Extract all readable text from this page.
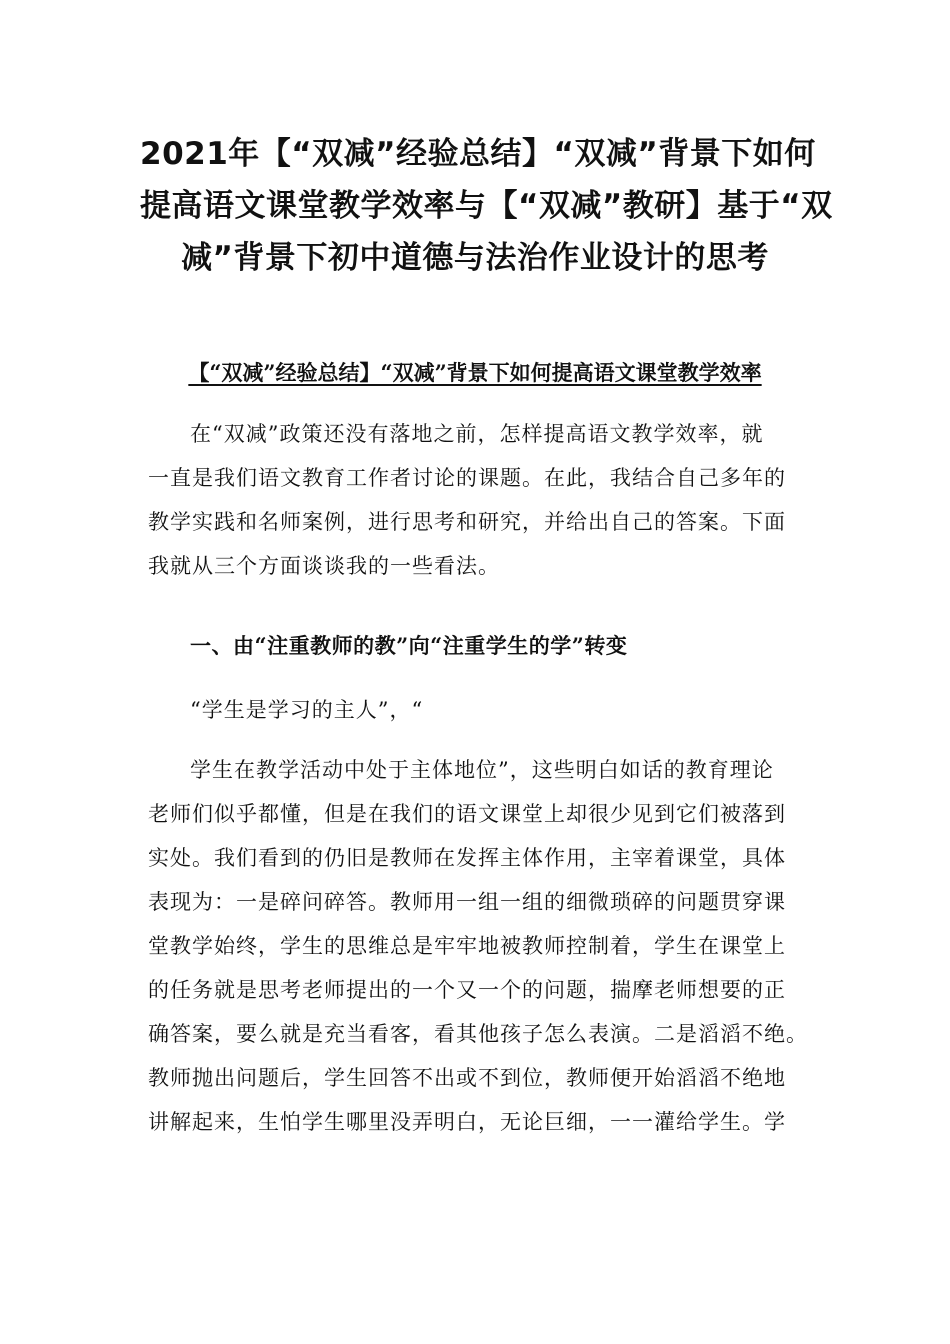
2021年【“双减”经验总结】“双减”背景下如何
提高语文课堂教学效率与【“双减”教研】基于“双
减”背景下初中道德与法治作业设计的思考
【“双减”经验总结】“双减”背景下如何提高语文课堂教学效率

在“双减”政策还没有落地之前，怎样提高语文教学效率，就
一直是我们语文教育工作者讨论的课题。在此，我结合自己多年的
教学实践和名师案例，进行思考和研究，并给出自己的答案。下面
我就从三个方面谈谈我的一些看法。

一、由“注重教师的教”向“注重学生的学”转变
“学生是学习的主人”，“

学生在教学活动中处于主体地位”，这些明白如话的教育理论
老师们似乎都懂，但是在我们的语文课堂上却很少见到它们被落到
实处。我们看到的仍旧是教师在发挥主体作用，主宰着课堂，具体
表现为：一是碎问碎答。教师用一组一组的细微琐碎的问题贯穿课
堂教学始终，学生的思维总是牢牢地被教师控制着，学生在课堂上
的任务就是思考老师提出的一个又一个的问题，揣摩老师想要的正
确答案，要么就是充当看客，看其他孩子怎么表演。二是滔滔不绝。
教师抛出问题后，学生回答不出或不到位，教师便开始滔滔不绝地
讲解起来，生怕学生哪里没弄明白，无论巨细，一一灌给学生。学
